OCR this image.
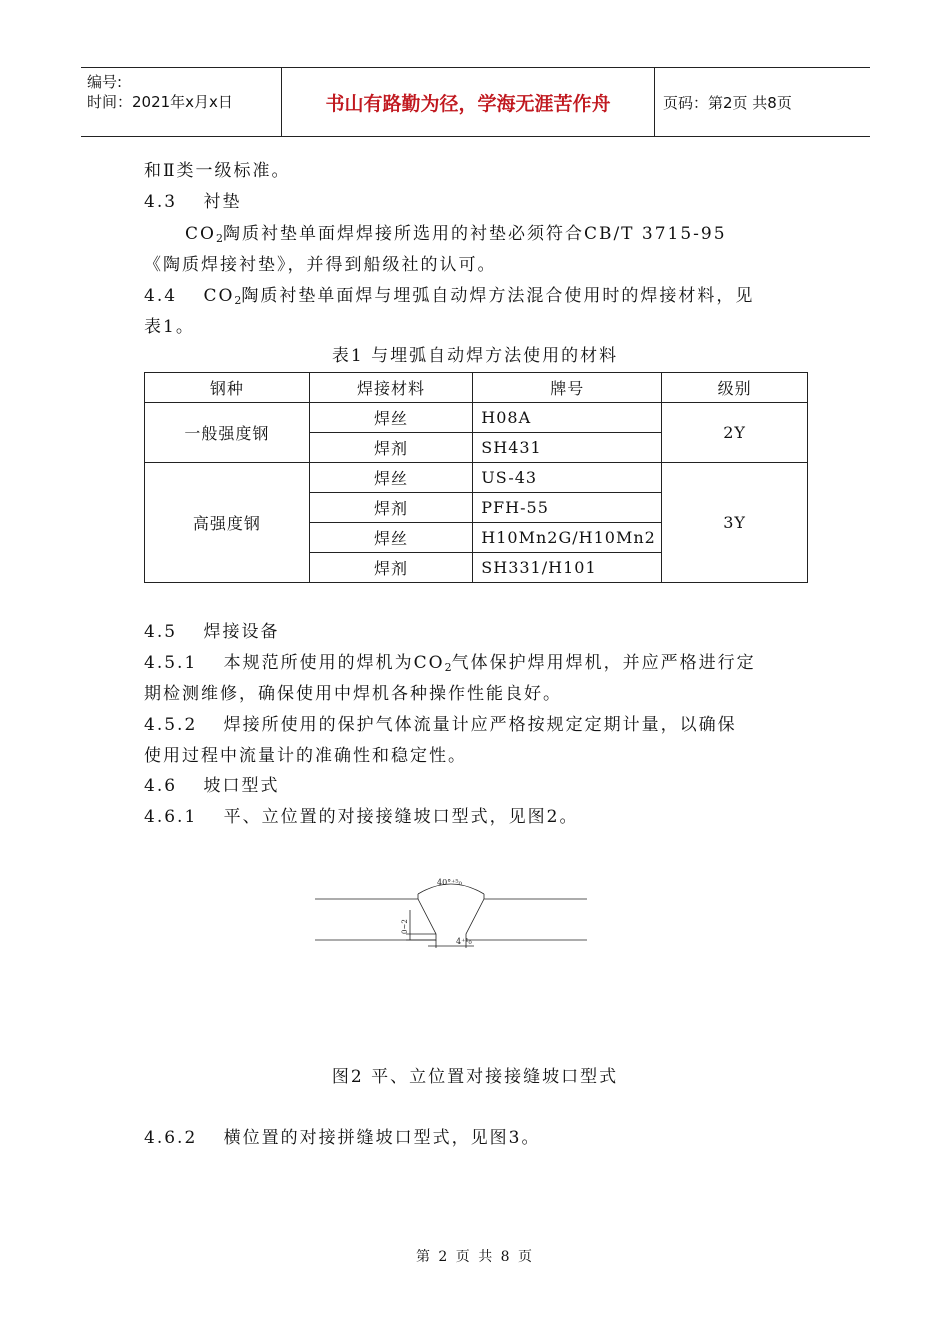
编号:
时间：2021年x月x日	书山有路勤为径，学海无涯苦作舟	页码：第2页 共8页
和Ⅱ类一级标准。
4.3　 衬垫
$CO_2$陶质衬垫单面焊焊接所选用的衬垫必须符合CB/T 3715-95
《陶质焊接衬垫》，并得到船级社的认可。
4.4　 $CO_2$陶质衬垫单面焊与埋弧自动焊方法混合使用时的焊接材料，见
表1。
表1 与埋弧自动焊方法使用的材料
钢种	焊接材料	牌号	级别
一般强度钢	焊丝	H08A	2Y
	焊剂	SH431	
高强度钢	焊丝	US-43	3Y
	焊剂	PFH-55	
	焊丝	H10Mn2G/H10Mn2	
	焊剂	SH331/H101	
4.5　 焊接设备
4.5.1　 本规范所使用的焊机为$CO_2$气体保护焊用焊机，并应严格进行定
期检测维修，确保使用中焊机各种操作性能良好。
4.5.2　 焊接所使用的保护气体流量计应严格按规定定期计量，以确保
使用过程中流量计的准确性和稳定性。
4.6　 坡口型式
4.6.1　 平、立位置的对接接缝坡口型式，见图2。
40°⁺⁵₀
0~2
4⁺¹₀
图2 平、立位置对接接缝坡口型式
4.6.2　 横位置的对接拼缝坡口型式，见图3。
第 2 页 共 8 页
